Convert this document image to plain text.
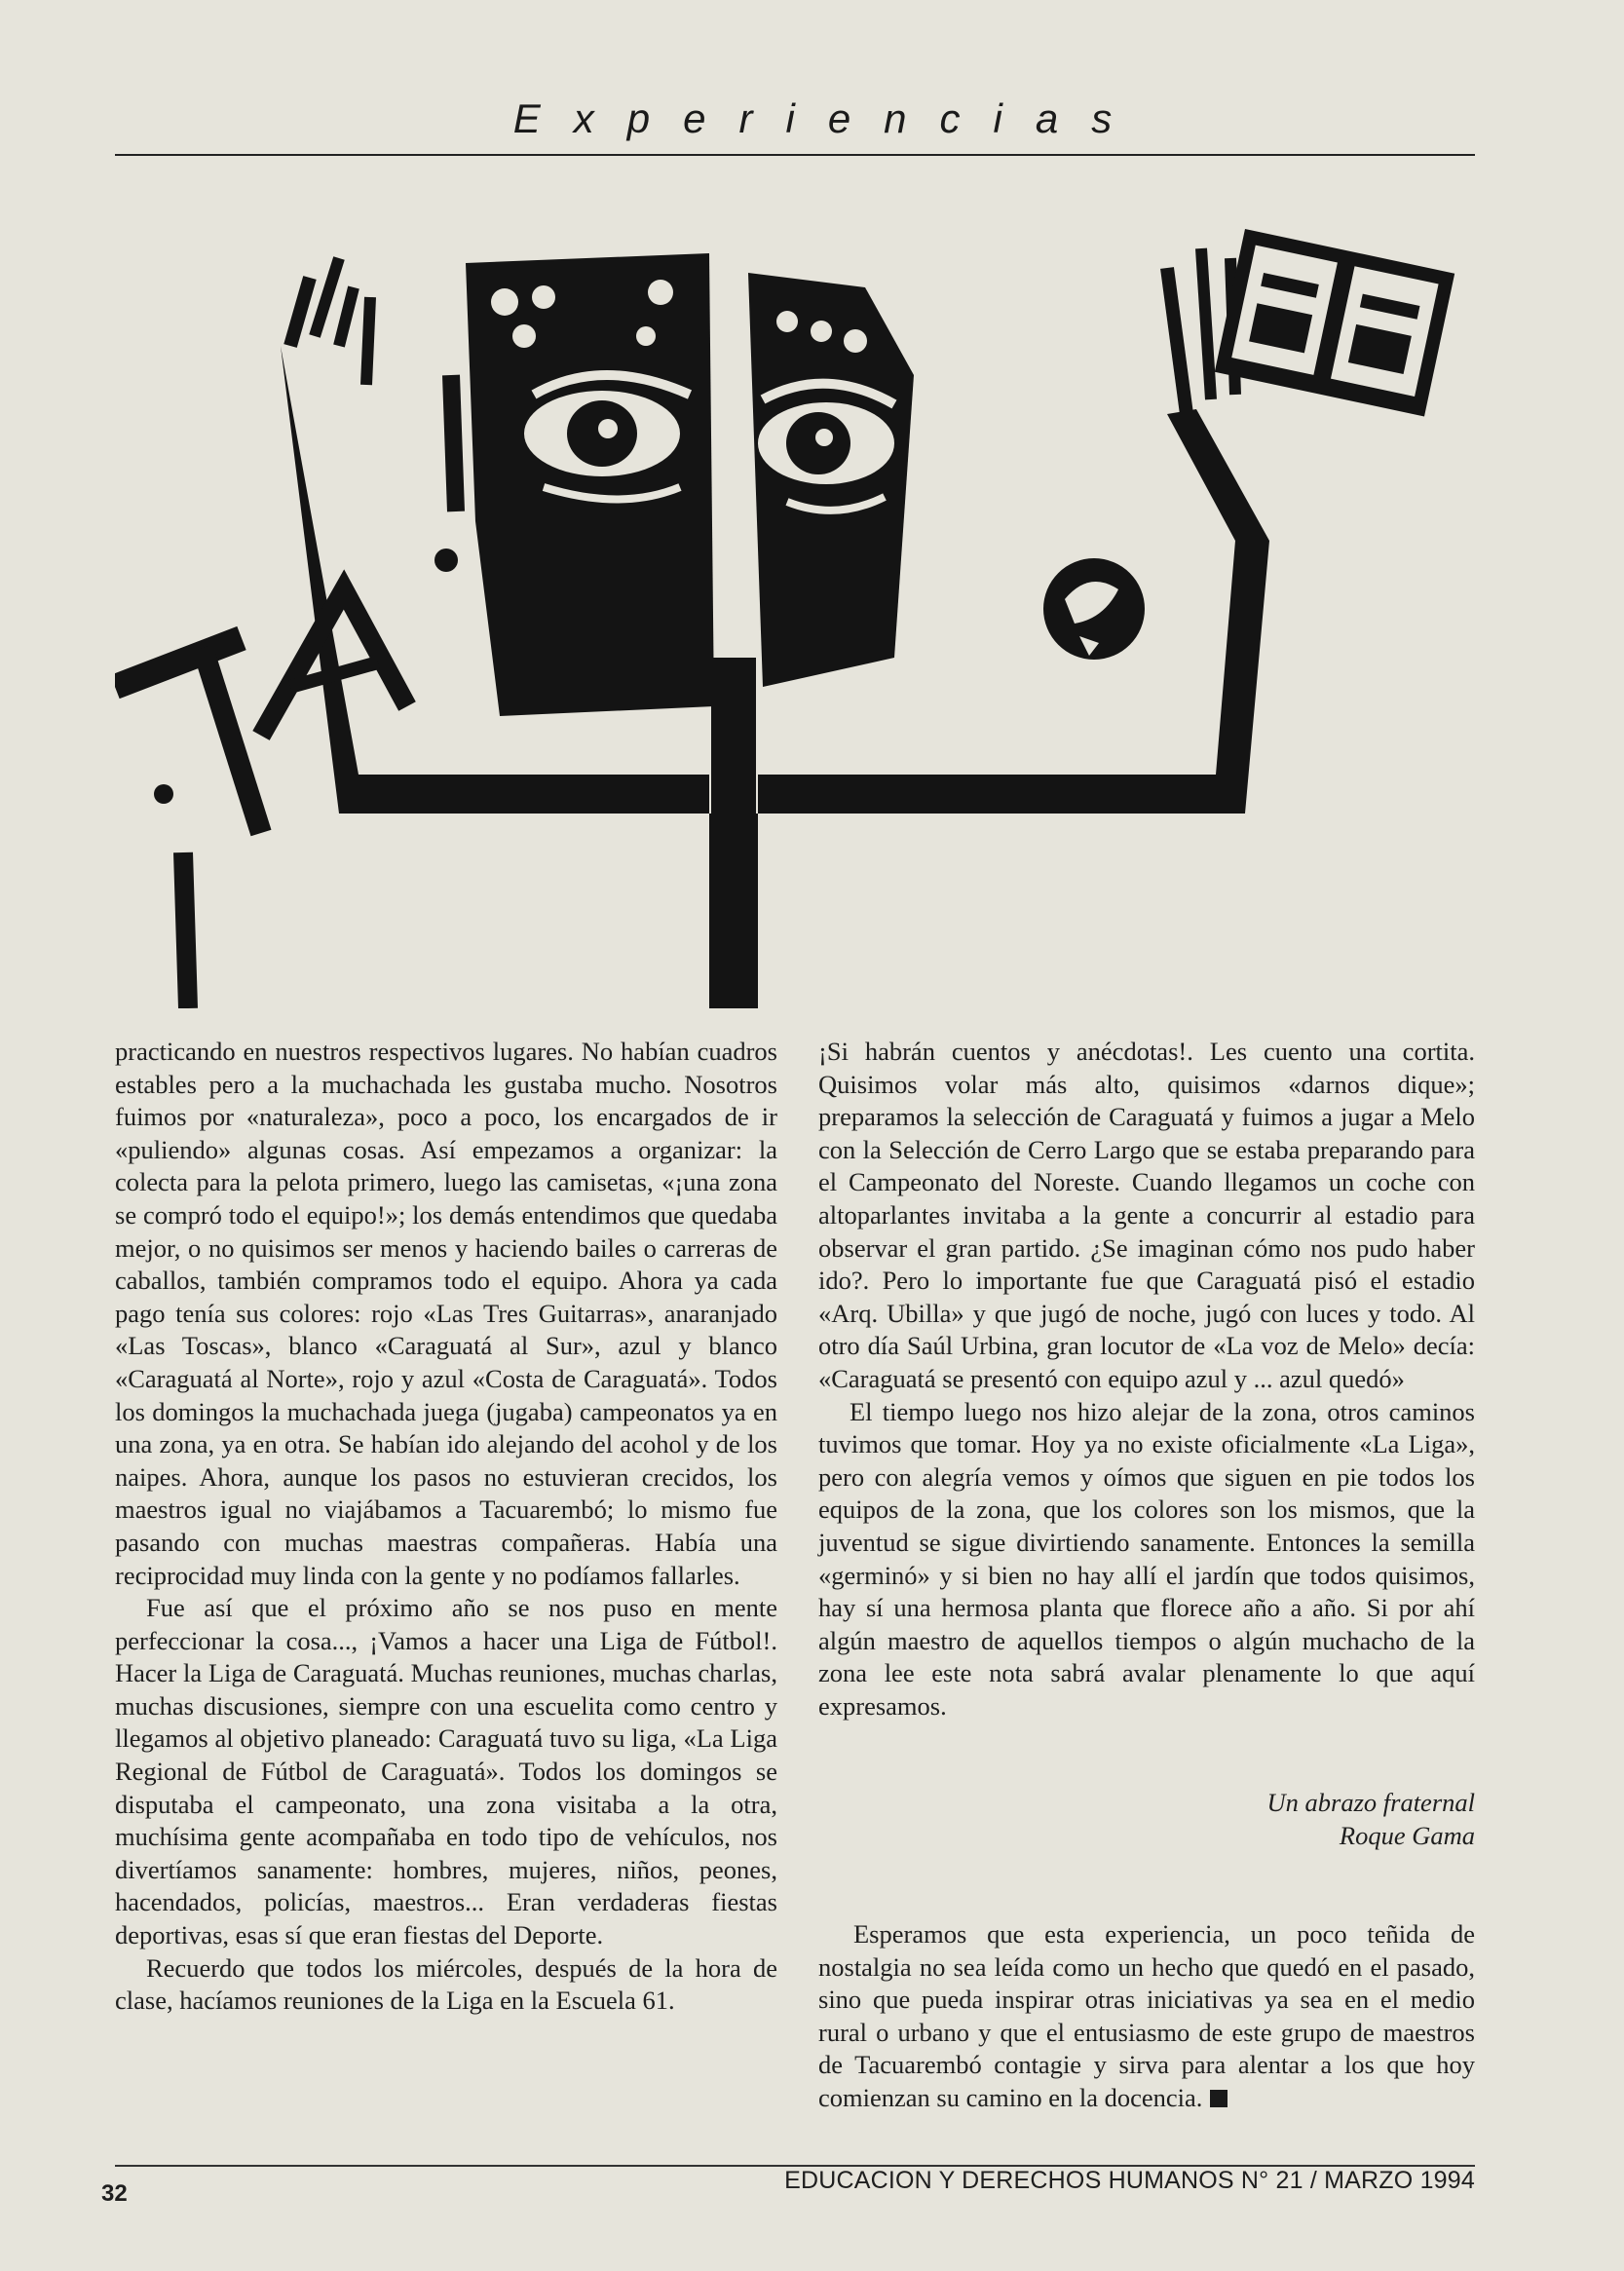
Experiencias

practicando en nuestros respectivos lugares. No habían cuadros estables pero a la muchachada les gustaba mucho. Nosotros fuimos por «naturaleza», poco a poco, los encargados de ir «puliendo» algunas cosas. Así empezamos a organizar: la colecta para la pelota primero, luego las camisetas, «¡una zona se compró todo el equipo!»; los demás entendimos que quedaba mejor, o no quisimos ser menos y haciendo bailes o carreras de caballos, también compramos todo el equipo. Ahora ya cada pago tenía sus colores: rojo «Las Tres Guitarras», anaranjado «Las Toscas», blanco «Caraguatá al Sur», azul y blanco «Caraguatá al Norte», rojo y azul «Costa de Caraguatá». Todos los domingos la muchachada juega (jugaba) campeonatos ya en una zona, ya en otra. Se habían ido alejando del acohol y de los naipes. Ahora, aunque los pasos no estuvieran crecidos, los maestros igual no viajábamos a Tacuarembó; lo mismo fue pasando con muchas maestras compañeras. Había una reciprocidad muy linda con la gente y no podíamos fallarles.

Fue así que el próximo año se nos puso en mente perfeccionar la cosa..., ¡Vamos a hacer una Liga de Fútbol!. Hacer la Liga de Caraguatá. Muchas reuniones, muchas charlas, muchas discusiones, siempre con una escuelita como centro y llegamos al objetivo planeado: Caraguatá tuvo su liga, «La Liga Regional de Fútbol de Caraguatá». Todos los domingos se disputaba el campeonato, una zona visitaba a la otra, muchísima gente acompañaba en todo tipo de vehículos, nos divertíamos sanamente: hombres, mujeres, niños, peones, hacendados, policías, maestros... Eran verdaderas fiestas deportivas, esas sí que eran fiestas del Deporte.

Recuerdo que todos los miércoles, después de la hora de clase, hacíamos reuniones de la Liga en la Escuela 61.

¡Si habrán cuentos y anécdotas!. Les cuento una cortita. Quisimos volar más alto, quisimos «darnos dique»; preparamos la selección de Caraguatá y fuimos a jugar a Melo con la Selección de Cerro Largo que se estaba preparando para el Campeonato del Noreste. Cuando llegamos un coche con altoparlantes invitaba a la gente a concurrir al estadio para observar el gran partido. ¿Se imaginan cómo nos pudo haber ido?. Pero lo importante fue que Caraguatá pisó el estadio «Arq. Ubilla» y que jugó de noche, jugó con luces y todo. Al otro día Saúl Urbina, gran locutor de «La voz de Melo» decía: «Caraguatá se presentó con equipo azul y ... azul quedó»

El tiempo luego nos hizo alejar de la zona, otros caminos tuvimos que tomar. Hoy ya no existe oficialmente «La Liga», pero con alegría vemos y oímos que siguen en pie todos los equipos de la zona, que los colores son los mismos, que la juventud se sigue divirtiendo sanamente. Entonces la semilla «germinó» y si bien no hay allí el jardín que todos quisimos, hay sí una hermosa planta que florece año a año. Si por ahí algún maestro de aquellos tiempos o algún muchacho de la zona lee este nota sabrá avalar plenamente lo que aquí expresamos.

Un abrazo fraternal
Roque Gama

Esperamos que esta experiencia, un poco teñida de nostalgia no sea leída como un hecho que quedó en el pasado, sino que pueda inspirar otras iniciativas ya sea en el medio rural o urbano y que el entusiasmo de este grupo de maestros de Tacuarembó contagie y sirva para alentar a los que hoy comienzan su camino en la docencia.

32	EDUCACION Y DERECHOS HUMANOS N° 21 / MARZO 1994
